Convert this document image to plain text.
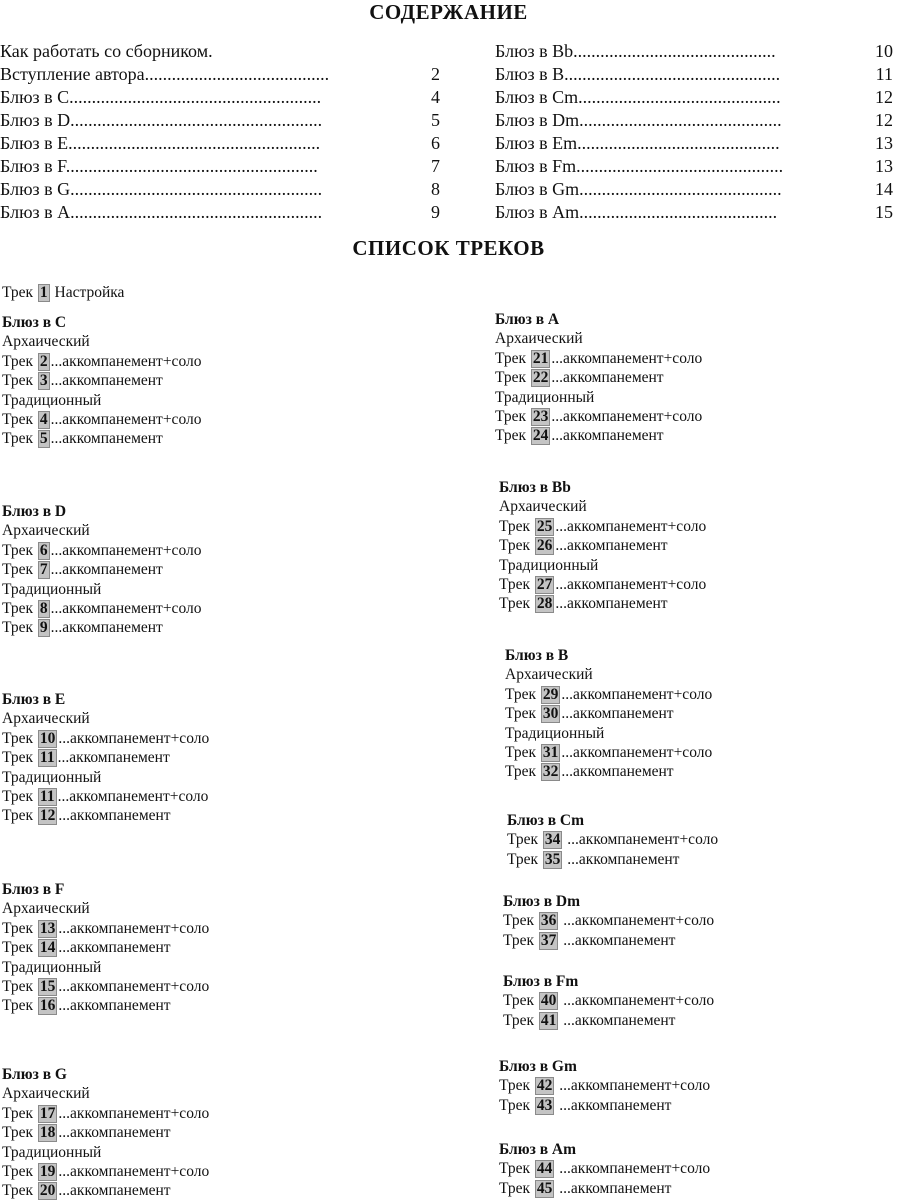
СОДЕРЖАНИЕ
Как работать со сборником.
Вступление автора.........................................	2
Блюз в C........................................................	4
Блюз в D........................................................	5
Блюз в E........................................................	6
Блюз в F........................................................	7
Блюз в G........................................................	8
Блюз в A........................................................	9
Блюз в Bb.............................................	10
Блюз в B................................................	11
Блюз в Cm.............................................	12
Блюз в Dm.............................................	12
Блюз в Em.............................................	13
Блюз в Fm..............................................	13
Блюз в Gm.............................................	14
Блюз в Am............................................	15
СПИСОК ТРЕКОВ
Трек 1 Настройка
Блюз в C
Архаический
Трек 2 ...аккомпанемент+соло
Трек 3 ...аккомпанемент
Традиционный
Трек 4 ...аккомпанемент+соло
Трек 5 ...аккомпанемент
Блюз в D
Архаический
Трек 6 ...аккомпанемент+соло
Трек 7 ...аккомпанемент
Традиционный
Трек 8 ...аккомпанемент+соло
Трек 9 ...аккомпанемент
Блюз в E
Архаический
Трек 10 ...аккомпанемент+соло
Трек 11 ...аккомпанемент
Традиционный
Трек 11 ...аккомпанемент+соло
Трек 12 ...аккомпанемент
Блюз в F
Архаический
Трек 13 ...аккомпанемент+соло
Трек 14 ...аккомпанемент
Традиционный
Трек 15 ...аккомпанемент+соло
Трек 16 ...аккомпанемент
Блюз в G
Архаический
Трек 17 ...аккомпанемент+соло
Трек 18 ...аккомпанемент
Традиционный
Трек 19 ...аккомпанемент+соло
Трек 20 ...аккомпанемент
Блюз в A
Архаический
Трек 21 ...аккомпанемент+соло
Трек 22 ...аккомпанемент
Традиционный
Трек 23 ...аккомпанемент+соло
Трек 24 ...аккомпанемент
Блюз в Bb
Архаический
Трек 25 ...аккомпанемент+соло
Трек 26 ...аккомпанемент
Традиционный
Трек 27 ...аккомпанемент+соло
Трек 28 ...аккомпанемент
Блюз в B
Архаический
Трек 29 ...аккомпанемент+соло
Трек 30 ...аккомпанемент
Традиционный
Трек 31 ...аккомпанемент+соло
Трек 32 ...аккомпанемент
Блюз в Cm
Трек 34 ...аккомпанемент+соло
Трек 35 ...аккомпанемент
Блюз в Dm
Трек 36 ...аккомпанемент+соло
Трек 37 ...аккомпанемент
Блюз в Fm
Трек 40 ...аккомпанемент+соло
Трек 41 ...аккомпанемент
Блюз в Gm
Трек 42 ...аккомпанемент+соло
Трек 43 ...аккомпанемент
Блюз в Am
Трек 44 ...аккомпанемент+соло
Трек 45 ...аккомпанемент
